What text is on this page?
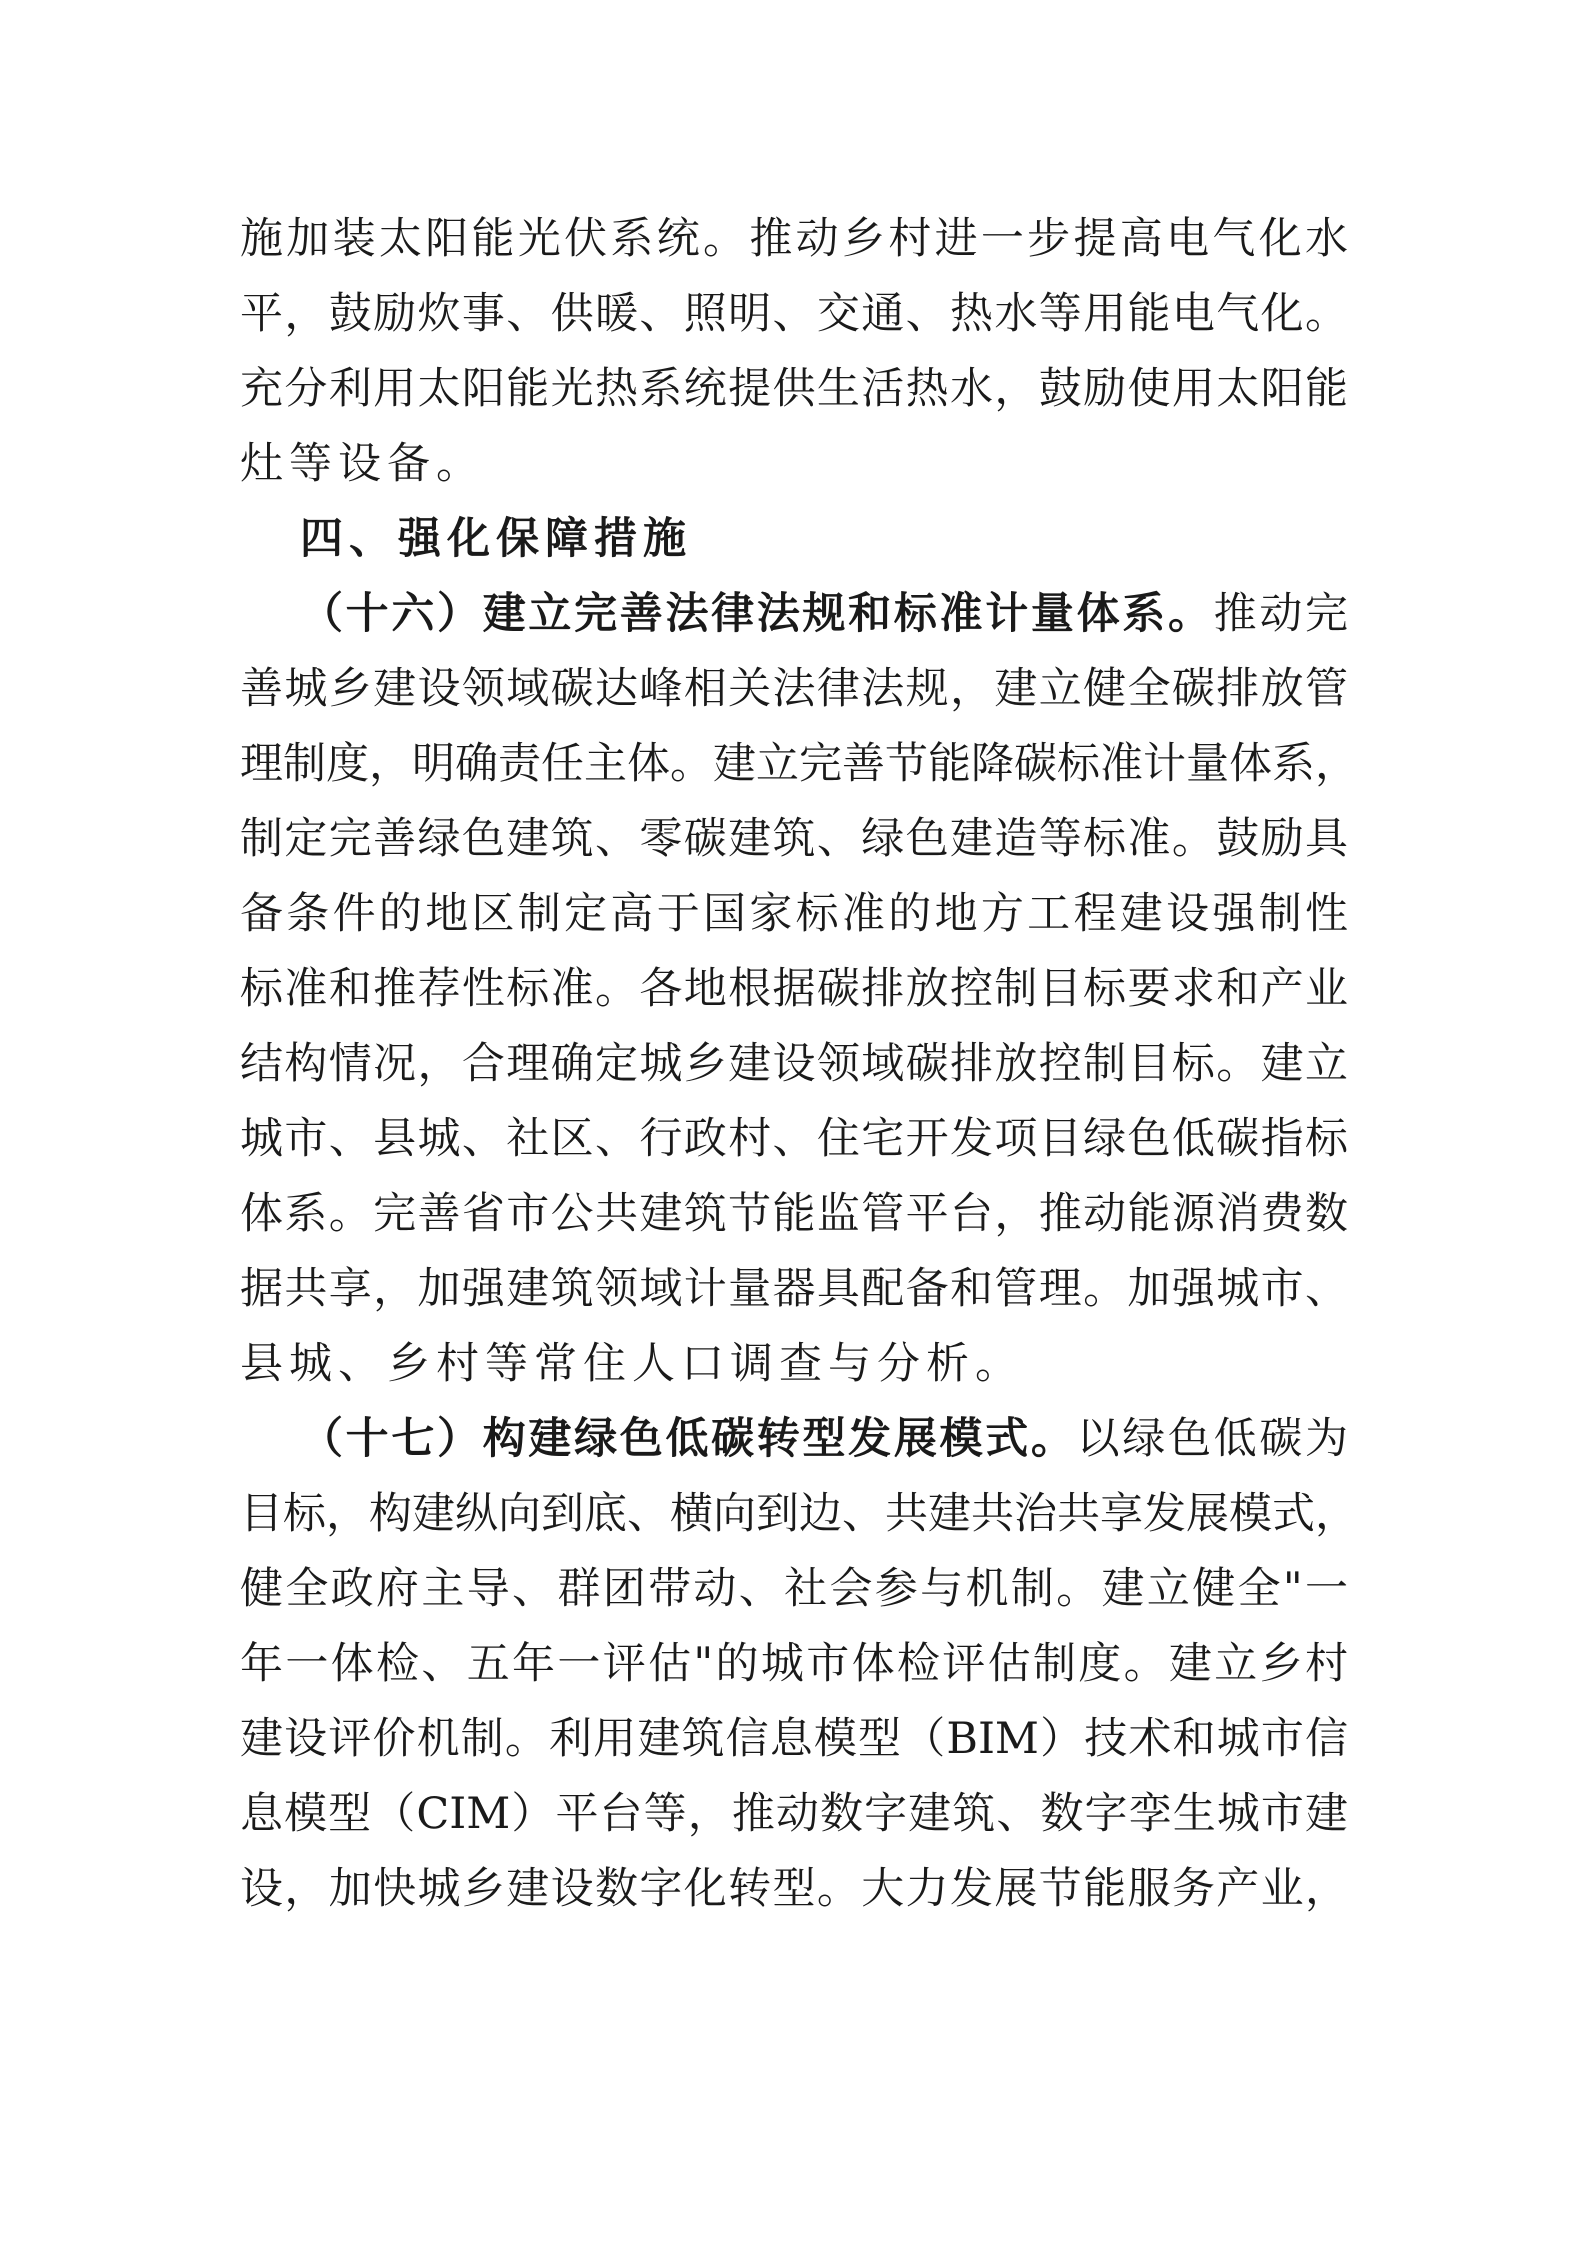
施加装太阳能光伏系统。推动乡村进一步提高电气化水
平，鼓励炊事、供暖、照明、交通、热水等用能电气化。
充分利用太阳能光热系统提供生活热水，鼓励使用太阳能
灶等设备。
四、强化保障措施
（十六）建立完善法律法规和标准计量体系。推动完
善城乡建设领域碳达峰相关法律法规，建立健全碳排放管
理制度，明确责任主体。建立完善节能降碳标准计量体系，
制定完善绿色建筑、零碳建筑、绿色建造等标准。鼓励具
备条件的地区制定高于国家标准的地方工程建设强制性
标准和推荐性标准。各地根据碳排放控制目标要求和产业
结构情况，合理确定城乡建设领域碳排放控制目标。建立
城市、县城、社区、行政村、住宅开发项目绿色低碳指标
体系。完善省市公共建筑节能监管平台，推动能源消费数
据共享，加强建筑领域计量器具配备和管理。加强城市、
县城、乡村等常住人口调查与分析。
（十七）构建绿色低碳转型发展模式。以绿色低碳为
目标，构建纵向到底、横向到边、共建共治共享发展模式，
健全政府主导、群团带动、社会参与机制。建立健全"一
年一体检、五年一评估"的城市体检评估制度。建立乡村
建设评价机制。利用建筑信息模型（BIM）技术和城市信
息模型（CIM）平台等，推动数字建筑、数字孪生城市建
设，加快城乡建设数字化转型。大力发展节能服务产业，
